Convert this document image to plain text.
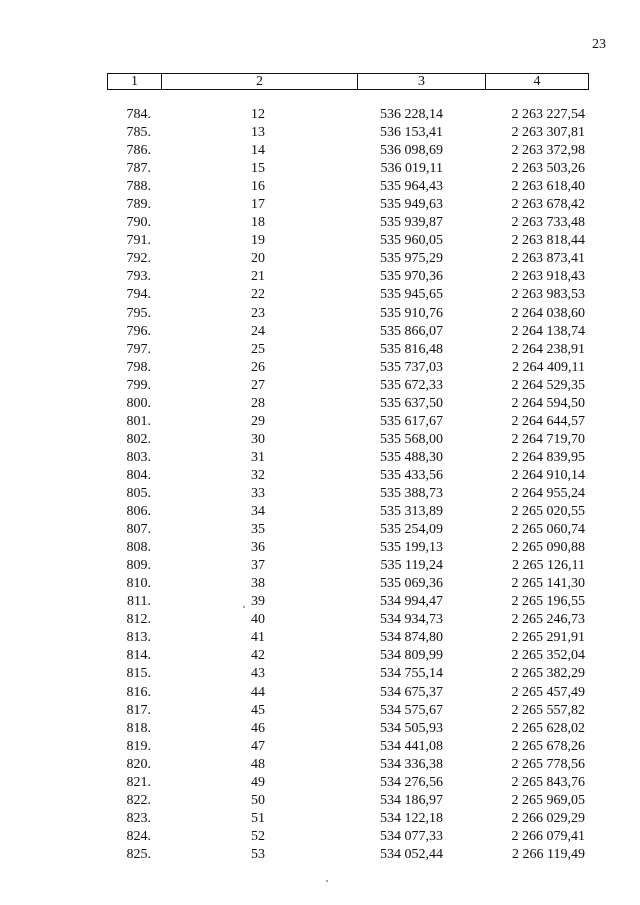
23
1	2	3	4
784.	12	536 228,14	2 263 227,54
785.	13	536 153,41	2 263 307,81
786.	14	536 098,69	2 263 372,98
787.	15	536 019,11	2 263 503,26
788.	16	535 964,43	2 263 618,40
789.	17	535 949,63	2 263 678,42
790.	18	535 939,87	2 263 733,48
791.	19	535 960,05	2 263 818,44
792.	20	535 975,29	2 263 873,41
793.	21	535 970,36	2 263 918,43
794.	22	535 945,65	2 263 983,53
795.	23	535 910,76	2 264 038,60
796.	24	535 866,07	2 264 138,74
797.	25	535 816,48	2 264 238,91
798.	26	535 737,03	2 264 409,11
799.	27	535 672,33	2 264 529,35
800.	28	535 637,50	2 264 594,50
801.	29	535 617,67	2 264 644,57
802.	30	535 568,00	2 264 719,70
803.	31	535 488,30	2 264 839,95
804.	32	535 433,56	2 264 910,14
805.	33	535 388,73	2 264 955,24
806.	34	535 313,89	2 265 020,55
807.	35	535 254,09	2 265 060,74
808.	36	535 199,13	2 265 090,88
809.	37	535 119,24	2 265 126,11
810.	38	535 069,36	2 265 141,30
811.	39	534 994,47	2 265 196,55
812.	40	534 934,73	2 265 246,73
813.	41	534 874,80	2 265 291,91
814.	42	534 809,99	2 265 352,04
815.	43	534 755,14	2 265 382,29
816.	44	534 675,37	2 265 457,49
817.	45	534 575,67	2 265 557,82
818.	46	534 505,93	2 265 628,02
819.	47	534 441,08	2 265 678,26
820.	48	534 336,38	2 265 778,56
821.	49	534 276,56	2 265 843,76
822.	50	534 186,97	2 265 969,05
823.	51	534 122,18	2 266 029,29
824.	52	534 077,33	2 266 079,41
825.	53	534 052,44	2 266 119,49
